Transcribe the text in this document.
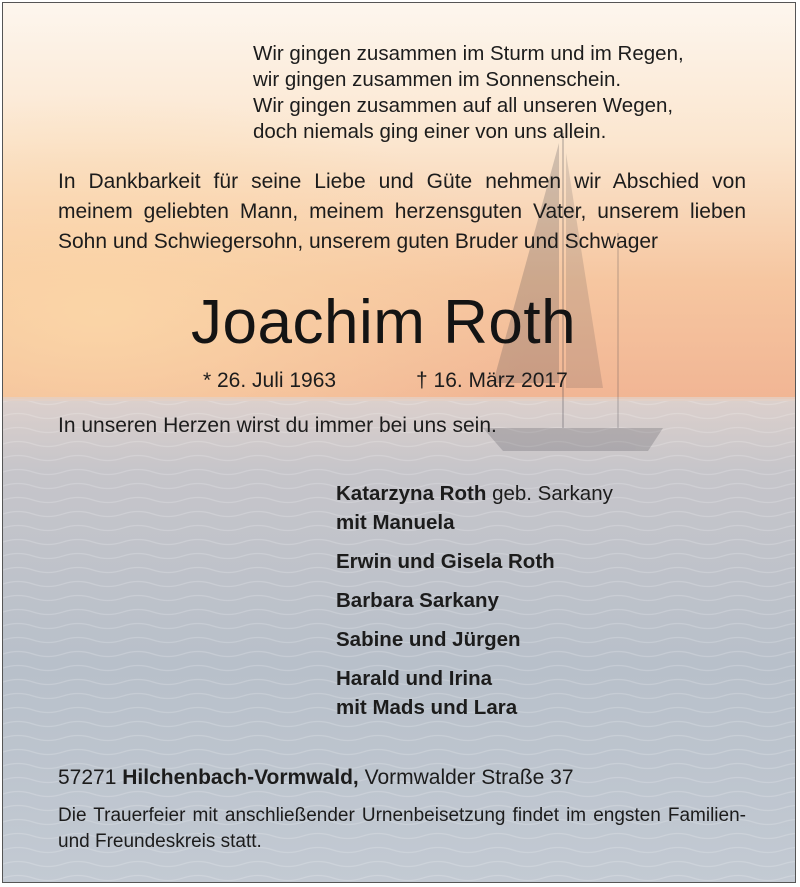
Wir gingen zusammen im Sturm und im Regen,
wir gingen zusammen im Sonnenschein.
Wir gingen zusammen auf all unseren Wegen,
doch niemals ging einer von uns allein.
In Dankbarkeit für seine Liebe und Güte nehmen wir Abschied von meinem geliebten Mann, meinem herzensguten Vater, unserem lieben Sohn und Schwiegersohn, unserem guten Bruder und Schwager
Joachim Roth
* 26. Juli 1963	† 16. März 2017
In unseren Herzen wirst du immer bei uns sein.
Katarzyna Roth geb. Sarkany
mit Manuela
Erwin und Gisela Roth
Barbara Sarkany
Sabine und Jürgen
Harald und Irina
mit Mads und Lara
57271 Hilchenbach-Vormwald, Vormwalder Straße 37
Die Trauerfeier mit anschließender Urnenbeisetzung findet im engsten Familien- und Freundeskreis statt.
